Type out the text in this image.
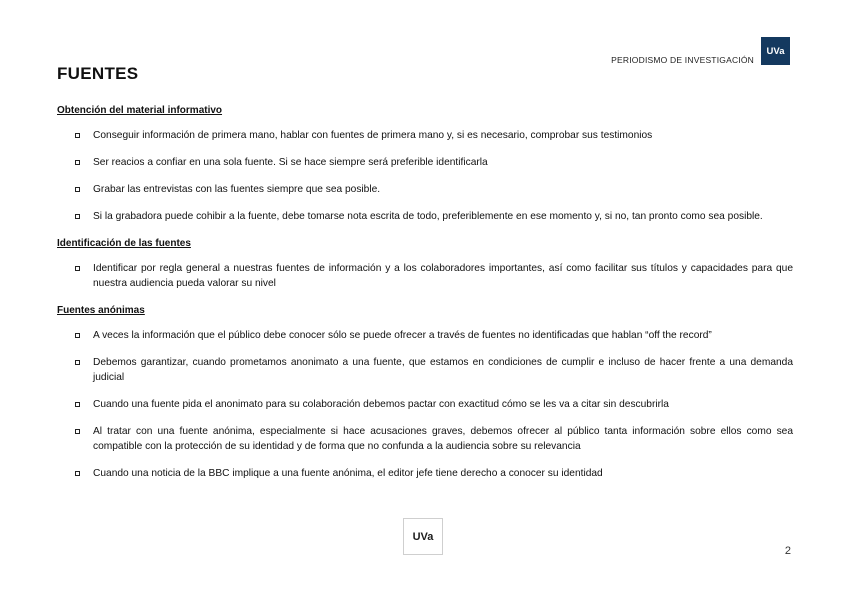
PERIODISMO DE INVESTIGACIÓN
UVa
FUENTES

Obtención del material informativo

Conseguir información de primera mano, hablar con fuentes de primera mano y, si es necesario, comprobar sus testimonios
Ser reacios a confiar en una sola fuente. Si se hace siempre será preferible identificarla
Grabar las entrevistas con las fuentes siempre que sea posible.
Si la grabadora puede cohibir a la fuente, debe tomarse nota escrita de todo, preferiblemente en ese momento y, si no, tan pronto como sea posible.

Identificación de las fuentes

Identificar por regla general a nuestras fuentes de información y a los colaboradores importantes, así como facilitar sus títulos y capacidades para que nuestra audiencia pueda valorar su nivel

Fuentes anónimas

A veces la información que el público debe conocer sólo se puede ofrecer a través de fuentes no identificadas que hablan “off the record”
Debemos garantizar, cuando prometamos anonimato a una fuente, que estamos en condiciones de cumplir e incluso de hacer frente a una demanda judicial
Cuando una fuente pida el anonimato para su colaboración debemos pactar con exactitud cómo se les va a citar sin descubrirla
Al tratar con una fuente anónima, especialmente si hace acusaciones graves, debemos ofrecer al público tanta información sobre ellos como sea compatible con la protección de su identidad y de forma que no confunda a la audiencia sobre su relevancia
Cuando una noticia de la BBC implique a una fuente anónima, el editor jefe tiene derecho a conocer su identidad
UVa
2
